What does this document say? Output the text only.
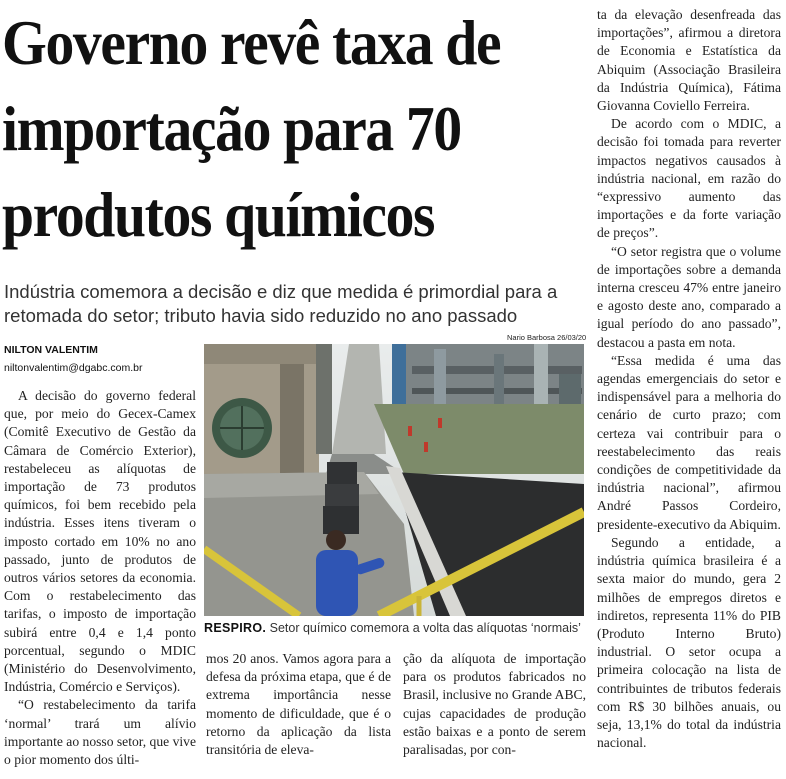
Governo revê taxa de
importação para 70
produtos químicos
Indústria comemora a decisão e diz que medida é primordial para a retomada do setor; tributo havia sido reduzido no ano passado
NILTON VALENTIM
niltonvalentim@dgabc.com.br

A decisão do governo federal que, por meio do Gecex-Camex (Comitê Executivo de Gestão da Câmara de Comércio Exterior), restabeleceu as alíquotas de importação de 73 produtos químicos, foi bem recebido pela indústria. Esses itens tiveram o imposto cortado em 10% no ano passado, junto de produtos de outros vários setores da economia. Com o restabelecimento das tarifas, o imposto de importação subirá entre 0,4 e 1,4 ponto porcentual, segundo o MDIC (Ministério do Desenvolvimento, Indústria, Comércio e Serviços).

“O restabelecimento da tarifa ‘normal’ trará um alívio importante ao nosso setor, que vive o pior momento dos últi-

Nario Barbosa 26/03/20
RESPIRO. Setor químico comemora a volta das alíquotas ‘normais’

mos 20 anos. Vamos agora para a defesa da próxima etapa, que é de extrema importância nesse momento de dificuldade, que é o retorno da aplicação da lista transitória de eleva-

ção da alíquota de importação para os produtos fabricados no Brasil, inclusive no Grande ABC, cujas capacidades de produção estão baixas e a ponto de serem paralisadas, por con-

ta da elevação desenfreada das importações”, afirmou a diretora de Economia e Estatística da Abiquim (Associação Brasileira da Indústria Química), Fátima Giovanna Coviello Ferreira.

De acordo com o MDIC, a decisão foi tomada para reverter impactos negativos causados à indústria nacional, em razão do “expressivo aumento das importações e da forte variação de preços”.

“O setor registra que o volume de importações sobre a demanda interna cresceu 47% entre janeiro e agosto deste ano, comparado a igual período do ano passado”, destacou a pasta em nota.

“Essa medida é uma das agendas emergenciais do setor e indispensável para a melhoria do cenário de curto prazo; com certeza vai contribuir para o reestabelecimento das reais condições de competitividade da indústria nacional”, afirmou André Passos Cordeiro, presidente-executivo da Abiquim.

Segundo a entidade, a indústria química brasileira é a sexta maior do mundo, gera 2 milhões de empregos diretos e indiretos, representa 11% do PIB (Produto Interno Bruto) industrial. O setor ocupa a primeira colocação na lista de contribuintes de tributos federais com R$ 30 bilhões anuais, ou seja, 13,1% do total da indústria nacional.
